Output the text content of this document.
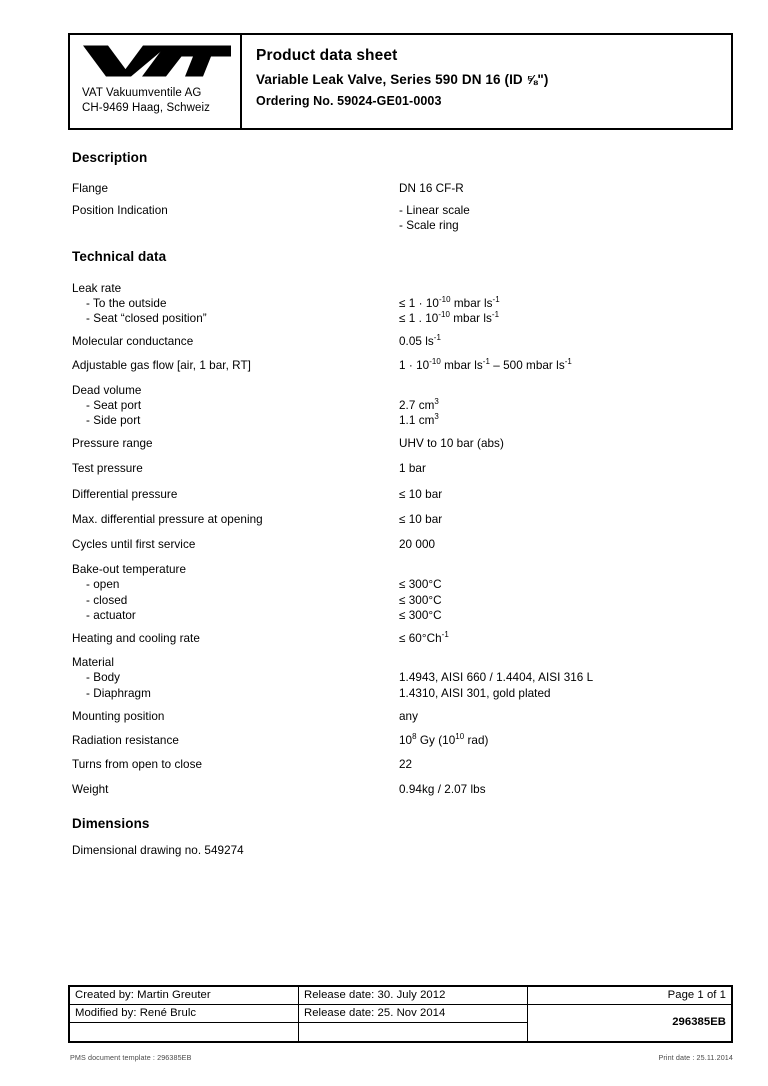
VAT Vakuumventile AG
CH-9469 Haag, Schweiz
Product data sheet
Variable Leak Valve, Series 590 DN 16 (ID ⅝")
Ordering No. 59024-GE01-0003
Description
Flange	DN 16 CF-R
Position Indication	- Linear scale
- Scale ring
Technical data
Leak rate
- To the outside	≤ $1 \cdot 10^{-10}$ mbar $ls^{-1}$
- Seat “closed position”	≤ 1 . $10^{-10}$ mbar $ls^{-1}$
Molecular conductance	0.05 $ls^{-1}$
Adjustable gas flow [air, 1 bar, RT]	$1 \cdot 10^{-10}$ mbar $ls^{-1} - 500$ mbar $ls^{-1}$
Dead volume
- Seat port	2.7 $cm^3$
- Side port	1.1 $cm^3$
Pressure range	UHV to 10 bar (abs)
Test pressure	1 bar
Differential pressure	≤ 10 bar
Max. differential pressure at opening	≤ 10 bar
Cycles until first service	20 000
Bake-out temperature
- open	≤ 300°C
- closed	≤ 300°C
- actuator	≤ 300°C
Heating and cooling rate	≤ $60^\circ Ch^{-1}$
Material
- Body	1.4943, AISI 660 / 1.4404, AISI 316 L
- Diaphragm	1.4310, AISI 301, gold plated
Mounting position	any
Radiation resistance	$10^8$ Gy ($10^{10}$ rad)
Turns from open to close	22
Weight	0.94kg / 2.07 lbs
Dimensions
Dimensional drawing no. 549274
Created by: Martin Greuter	Release date: 30. July 2012	Page 1 of 1
Modified by: René Brulc	Release date: 25. Nov 2014	296385EB

PMS document template : 296385EB	Print date : 25.11.2014
